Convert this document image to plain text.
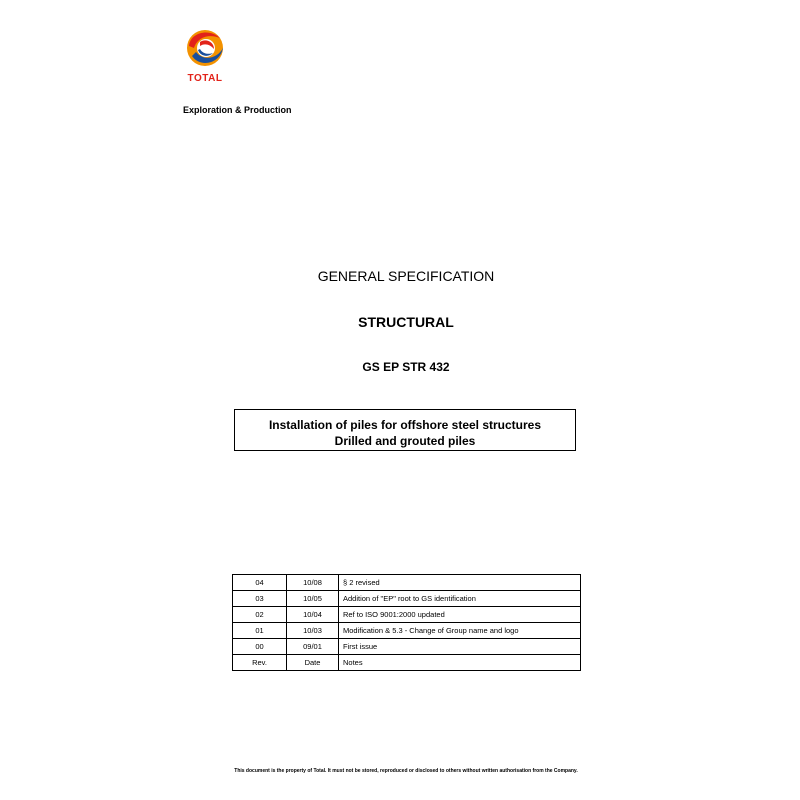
TOTAL
Exploration & Production
GENERAL SPECIFICATION
STRUCTURAL
GS EP STR 432
Installation of piles for offshore steel structures
Drilled and grouted piles
04	10/08	§ 2 revised
03	10/05	Addition of "EP" root to GS identification
02	10/04	Ref to ISO 9001:2000 updated
01	10/03	Modification & 5.3 - Change of Group name and logo
00	09/01	First issue
Rev.	Date	Notes
This document is the property of Total. It must not be stored, reproduced or disclosed to others without written authorisation from the Company.
